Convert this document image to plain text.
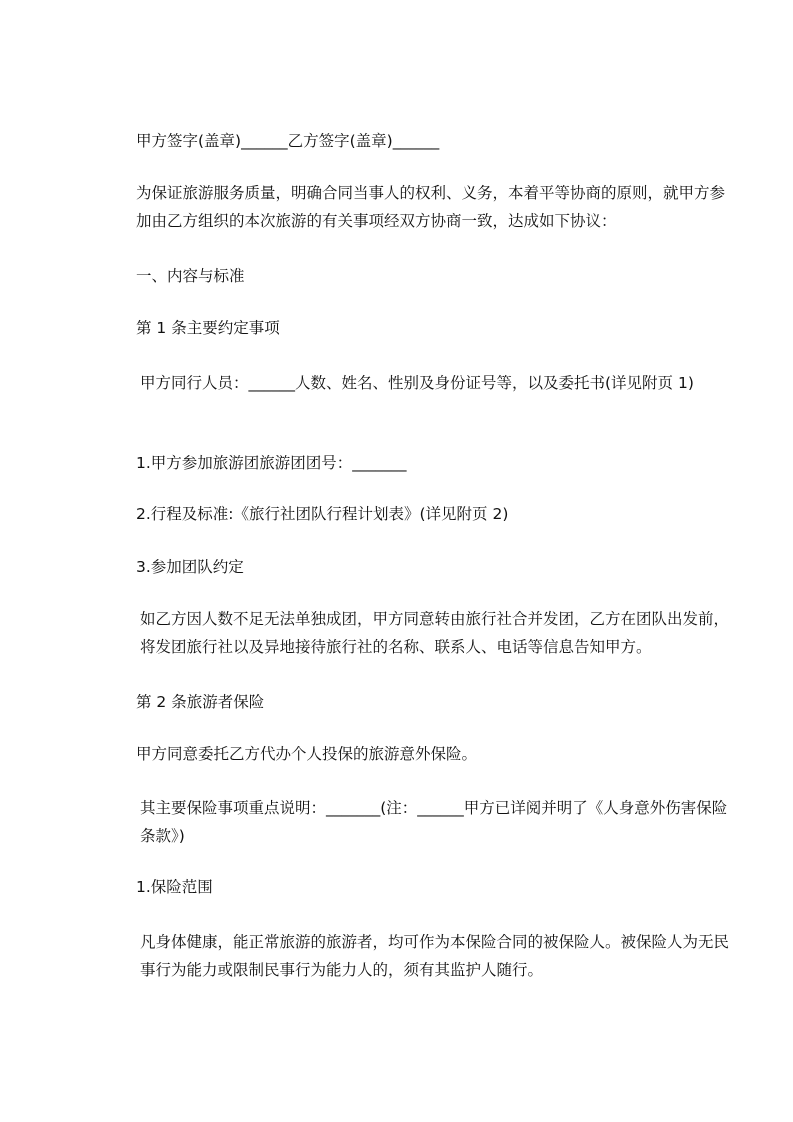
甲方签字(盖章)______乙方签字(盖章)______
为保证旅游服务质量，明确合同当事人的权利、义务，本着平等协商的原则，就甲方参加由乙方组织的本次旅游的有关事项经双方协商一致，达成如下协议：
一、内容与标准
第 1 条主要约定事项
甲方同行人员：______人数、姓名、性别及身份证号等，以及委托书(详见附页 1)
1.甲方参加旅游团旅游团团号：_______
2.行程及标准:《旅行社团队行程计划表》(详见附页 2)
3.参加团队约定
如乙方因人数不足无法单独成团，甲方同意转由旅行社合并发团，乙方在团队出发前，将发团旅行社以及异地接待旅行社的名称、联系人、电话等信息告知甲方。
第 2 条旅游者保险
甲方同意委托乙方代办个人投保的旅游意外保险。
其主要保险事项重点说明：_______(注：______甲方已详阅并明了《人身意外伤害保险条款》)
1.保险范围
凡身体健康，能正常旅游的旅游者，均可作为本保险合同的被保险人。被保险人为无民事行为能力或限制民事行为能力人的，须有其监护人随行。
